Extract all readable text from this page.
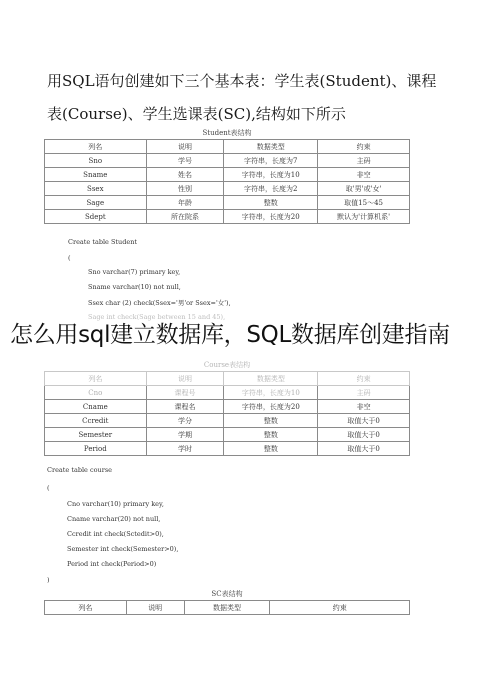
用SQL语句创建如下三个基本表：学生表(Student)、课程
表(Course)、学生选课表(SC),结构如下所示
Student表结构
列名	说明	数据类型	约束
Sno	学号	字符串，长度为7	主码
Sname	姓名	字符串，长度为10	非空
Ssex	性别	字符串，长度为2	取'男'或'女'
Sage	年龄	整数	取值15～45
Sdept	所在院系	字符串，长度为20	默认为'计算机系'
Create table Student
(
Sno varchar(7) primary key,
Sname varchar(10) not null,
Ssex char (2) check(Ssex='男'or Ssex='女'),
Sage int check(Sage between 15 and 45),
Course表结构
列名	说明	数据类型	约束
Cno	课程号	字符串，长度为10	主码
Cname	课程名	字符串，长度为20	非空
Ccredit	学分	整数	取值大于0
Semester	学期	整数	取值大于0
Period	学时	整数	取值大于0
Create table course
(
Cno varchar(10) primary key,
Cname varchar(20) not null,
Ccredit int check(Sctedit>0),
Semester int check(Semester>0),
Period int check(Period>0)
)
SC表结构
列名	说明	数据类型	约束
怎么用sql建立数据库，SQL数据库创建指南
